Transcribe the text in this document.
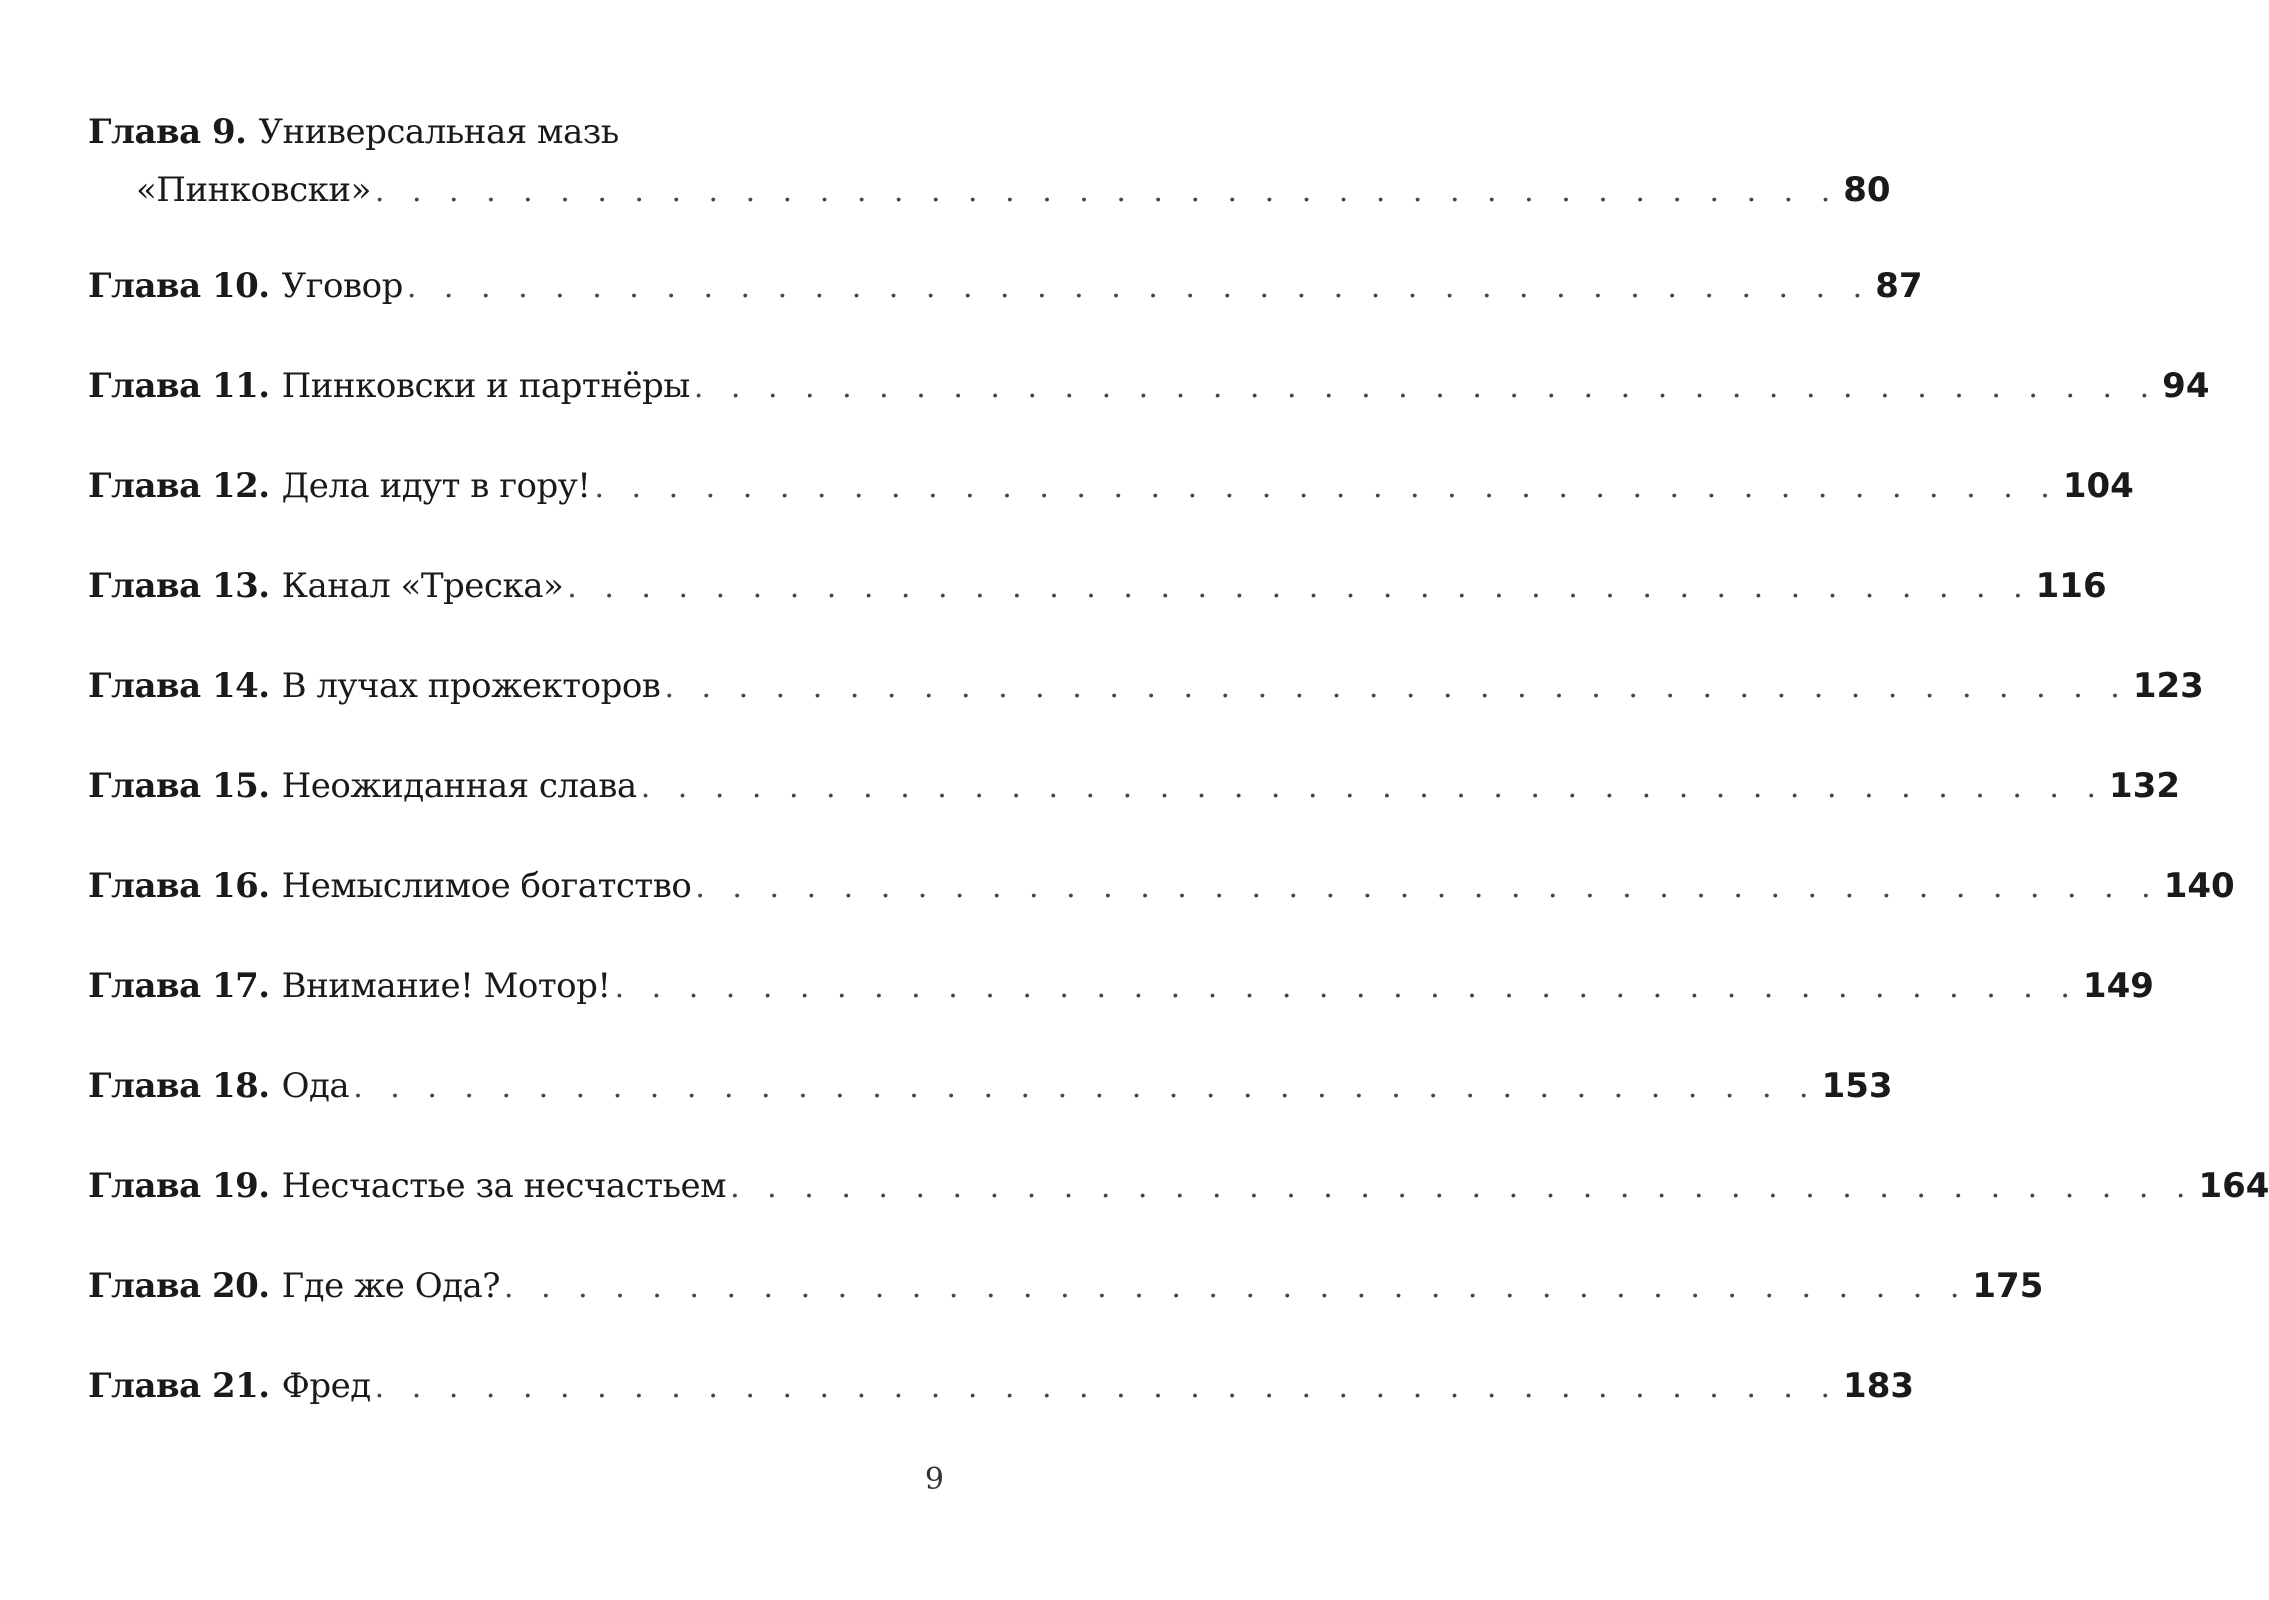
Глава 9. Универсальная мазь
«Пинковски» . . . . . . . . . . . . . . . . . . . . . . . . . . . . . . . . . . . . . . . . 80
Глава 10. Уговор . . . . . . . . . . . . . . . . . . . . . . . . . . . . . . . . . . . . . . . . 87
Глава 11. Пинковски и партнёры . . . . . . . . . . . . . . . . . . . . . . . . . . . . . . . . . . . . . . . . 94
Глава 12. Дела идут в гору! . . . . . . . . . . . . . . . . . . . . . . . . . . . . . . . . . . . . . . . . 104
Глава 13. Канал «Треска» . . . . . . . . . . . . . . . . . . . . . . . . . . . . . . . . . . . . . . . . 116
Глава 14. В лучах прожекторов . . . . . . . . . . . . . . . . . . . . . . . . . . . . . . . . . . . . . . . . 123
Глава 15. Неожиданная слава . . . . . . . . . . . . . . . . . . . . . . . . . . . . . . . . . . . . . . . . 132
Глава 16. Немыслимое богатство . . . . . . . . . . . . . . . . . . . . . . . . . . . . . . . . . . . . . . . . 140
Глава 17. Внимание! Мотор! . . . . . . . . . . . . . . . . . . . . . . . . . . . . . . . . . . . . . . . . 149
Глава 18. Ода . . . . . . . . . . . . . . . . . . . . . . . . . . . . . . . . . . . . . . . . 153
Глава 19. Несчастье за несчастьем . . . . . . . . . . . . . . . . . . . . . . . . . . . . . . . . . . . . . . . . 164
Глава 20. Где же Ода? . . . . . . . . . . . . . . . . . . . . . . . . . . . . . . . . . . . . . . . . 175
Глава 21. Фред . . . . . . . . . . . . . . . . . . . . . . . . . . . . . . . . . . . . . . . . 183
9
